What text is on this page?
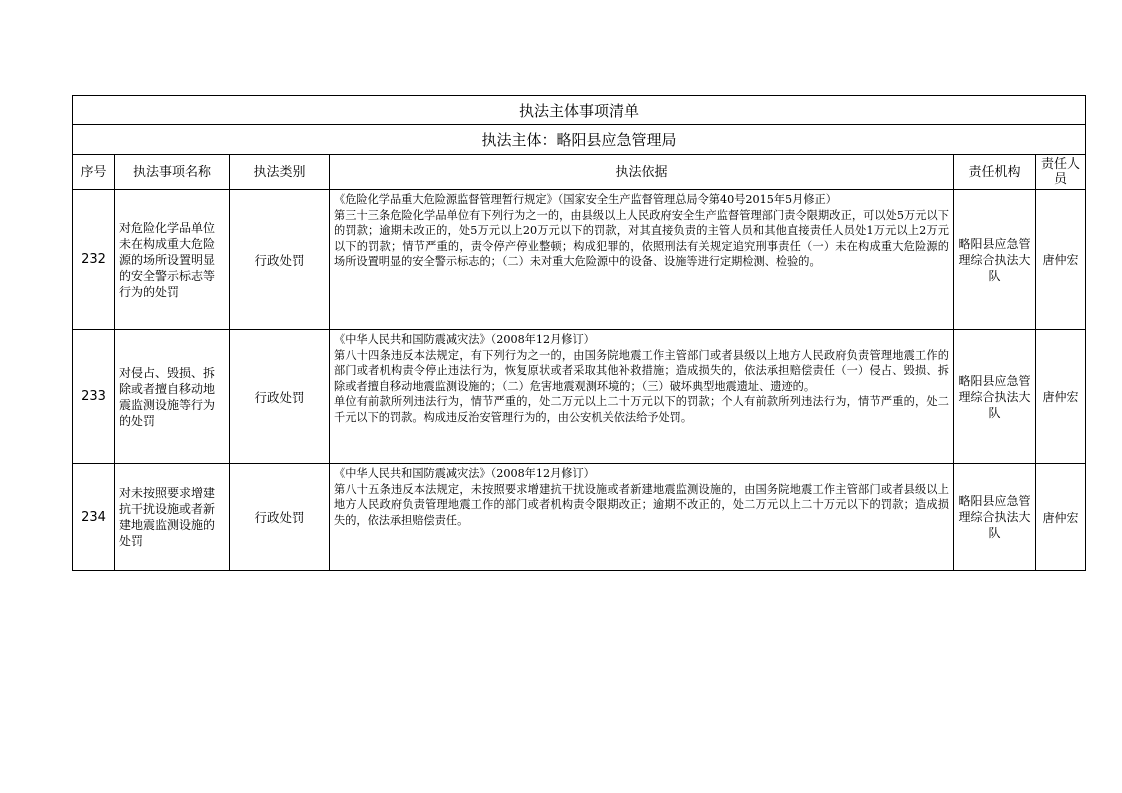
执法主体事项清单					
执法主体：略阳县应急管理局					
序号	执法事项名称	执法类别	执法依据	责任机构	责任人员
232	对危险化学品单位未在构成重大危险源的场所设置明显的安全警示标志等行为的处罚	行政处罚	《危险化学品重大危险源监督管理暂行规定》（国家安全生产监督管理总局令第40号2015年5月修正）

第三十三条危险化学品单位有下列行为之一的，由县级以上人民政府安全生产监督管理部门责令限期改正，可以处5万元以下的罚款；逾期未改正的，处5万元以上20万元以下的罚款，对其直接负责的主管人员和其他直接责任人员处1万元以上2万元以下的罚款；情节严重的，责令停产停业整顿；构成犯罪的，依照刑法有关规定追究刑事责任（一）未在构成重大危险源的场所设置明显的安全警示标志的；（二）未对重大危险源中的设备、设施等进行定期检测、检验的。	略阳县应急管理综合执法大队	唐仲宏
233	对侵占、毁损、拆除或者擅自移动地震监测设施等行为的处罚	行政处罚	《中华人民共和国防震减灾法》（2008年12月修订）

第八十四条违反本法规定，有下列行为之一的，由国务院地震工作主管部门或者县级以上地方人民政府负责管理地震工作的部门或者机构责令停止违法行为，恢复原状或者采取其他补救措施；造成损失的，依法承担赔偿责任（一）侵占、毁损、拆除或者擅自移动地震监测设施的；（二）危害地震观测环境的；（三）破坏典型地震遗址、遗迹的。

单位有前款所列违法行为，情节严重的，处二万元以上二十万元以下的罚款；个人有前款所列违法行为，情节严重的，处二千元以下的罚款。构成违反治安管理行为的，由公安机关依法给予处罚。	略阳县应急管理综合执法大队	唐仲宏
234	对未按照要求增建抗干扰设施或者新建地震监测设施的处罚	行政处罚	《中华人民共和国防震减灾法》（2008年12月修订）

第八十五条违反本法规定，未按照要求增建抗干扰设施或者新建地震监测设施的，由国务院地震工作主管部门或者县级以上地方人民政府负责管理地震工作的部门或者机构责令限期改正；逾期不改正的，处二万元以上二十万元以下的罚款；造成损失的，依法承担赔偿责任。	略阳县应急管理综合执法大队	唐仲宏
